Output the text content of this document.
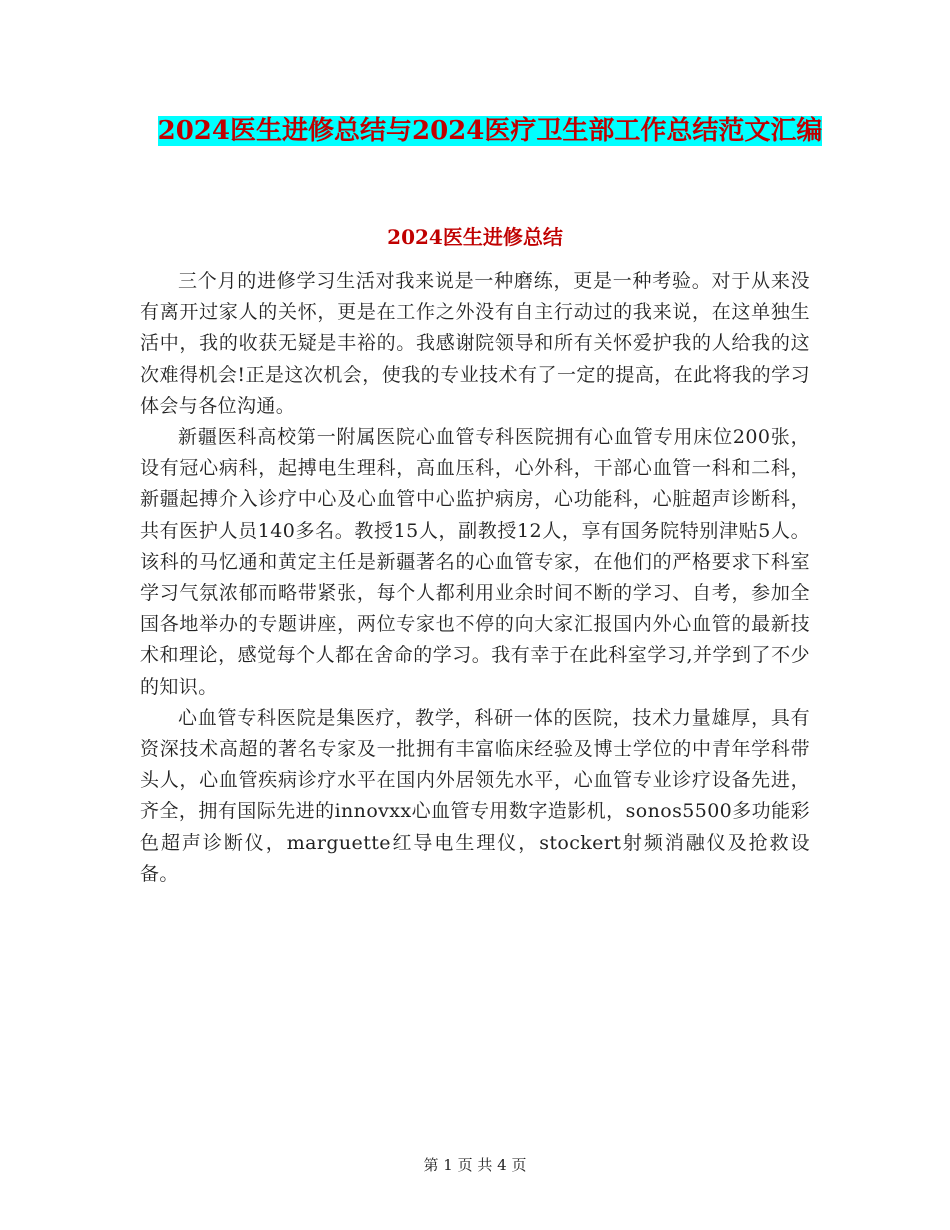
2024医生进修总结与2024医疗卫生部工作总结范文汇编
2024医生进修总结

三个月的进修学习生活对我来说是一种磨练，更是一种考验。对于从来没有离开过家人的关怀，更是在工作之外没有自主行动过的我来说，在这单独生活中，我的收获无疑是丰裕的。我感谢院领导和所有关怀爱护我的人给我的这次难得机会!正是这次机会，使我的专业技术有了一定的提高，在此将我的学习体会与各位沟通。

新疆医科高校第一附属医院心血管专科医院拥有心血管专用床位200张，设有冠心病科，起搏电生理科，高血压科，心外科，干部心血管一科和二科，新疆起搏介入诊疗中心及心血管中心监护病房，心功能科，心脏超声诊断科，共有医护人员140多名。教授15人，副教授12人，享有国务院特别津贴5人。该科的马忆通和黄定主任是新疆著名的心血管专家，在他们的严格要求下科室学习气氛浓郁而略带紧张，每个人都利用业余时间不断的学习、自考，参加全国各地举办的专题讲座，两位专家也不停的向大家汇报国内外心血管的最新技术和理论，感觉每个人都在舍命的学习。我有幸于在此科室学习,并学到了不少的知识。

心血管专科医院是集医疗，教学，科研一体的医院，技术力量雄厚，具有资深技术高超的著名专家及一批拥有丰富临床经验及博士学位的中青年学科带头人，心血管疾病诊疗水平在国内外居领先水平，心血管专业诊疗设备先进，齐全，拥有国际先进的innovxx心血管专用数字造影机，sonos5500多功能彩色超声诊断仪，marguette红导电生理仪，stockert射频消融仪及抢救设备。

第 1 页 共 4 页
